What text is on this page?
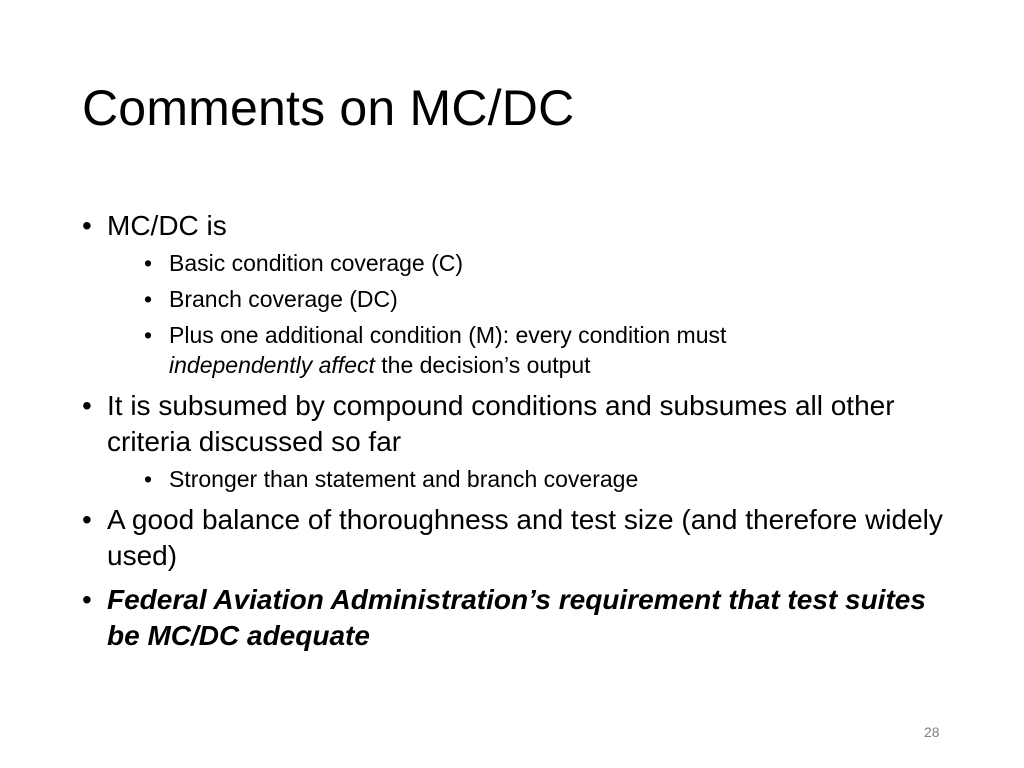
Comments on MC/DC
• MC/DC is
• Basic condition coverage (C)
• Branch coverage (DC)
• Plus one additional condition (M): every condition must
independently affect the decision’s output
• It is subsumed by compound conditions and subsumes all other criteria discussed so far
• Stronger than statement and branch coverage
• A good balance of thoroughness and test size (and therefore widely used)
• Federal Aviation Administration’s requirement that test suites be MC/DC adequate
28
